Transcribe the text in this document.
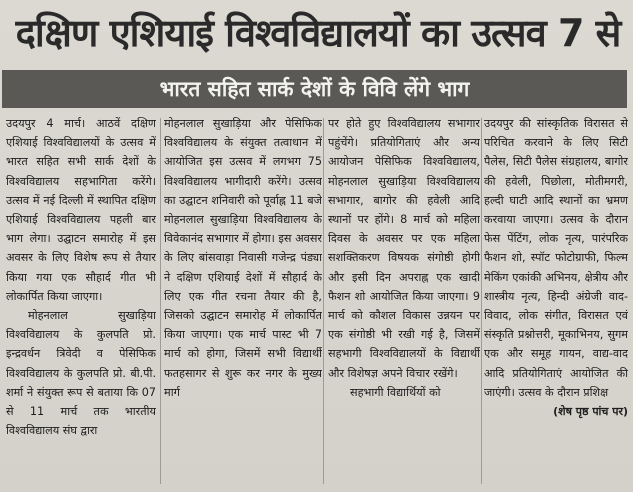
दक्षिण एशियाई विश्वविद्यालयों का उत्सव 7 से
भारत सहित सार्क देशों के विवि लेंगे भाग

उदयपुर 4 मार्च। आठवें दक्षिण एशियाई विश्वविद्यालयों के उत्सव में भारत सहित सभी सार्क देशों के विश्वविद्यालय सहभागिता करेंगे। उत्सव में नई दिल्ली में स्थापित दक्षिण एशियाई विश्वविद्यालय पहली बार भाग लेगा। उद्घाटन समारोह में इस अवसर के लिए विशेष रूप से तैयार किया गया एक सौहार्द गीत भी लोकार्पित किया जाएगा।

मोहनलाल सुखाड़िया विश्वविद्यालय के कुलपति प्रो. इन्द्रवर्धन त्रिवेदी व पेसिफिक विश्वविद्यालय के कुलपति प्रो. बी.पी. शर्मा ने संयुक्त रूप से बताया कि 07 से 11 मार्च तक भारतीय विश्वविद्यालय संघ द्वारा

मोहनलाल सुखाड़िया और पेसिफिक विश्वविद्यालय के संयुक्त तत्वाधान में आयोजित इस उत्सव में लगभग 75 विश्वविद्यालय भागीदारी करेंगे। उत्सव का उद्घाटन शनिवारी को पूर्वाह्न 11 बजे मोहनलाल सुखाड़िया विश्वविद्यालय के विवेकानंद सभागार में होगा। इस अवसर के लिए बांसवाड़ा निवासी गजेन्द्र पंड्या ने दक्षिण एशियाई देशों में सौहार्द के लिए एक गीत रचना तैयार की है, जिसको उद्घाटन समारोह में लोकार्पित किया जाएगा। एक मार्च पास्ट भी 7 मार्च को होगा, जिसमें सभी विद्यार्थी फतहसागर से शुरू कर नगर के मुख्य मार्ग

पर होते हुए विश्वविद्यालय सभागार पहुंचेंगे। प्रतियोगिताएं और अन्य आयोजन पेसिफिक विश्वविद्यालय, मोहनलाल सुखाड़िया विश्वविद्यालय सभागार, बागोर की हवेली आदि स्थानों पर होंगे। 8 मार्च को महिला दिवस के अवसर पर एक महिला सशक्तिकरण विषयक संगोष्ठी होगी और इसी दिन अपराह्न एक खादी फैशन शो आयोजित किया जाएगा। 9 मार्च को कौशल विकास उन्नयन पर एक संगोष्ठी भी रखी गई है, जिसमें सहभागी विश्वविद्यालयों के विद्यार्थी और विशेषज्ञ अपने विचार रखेंगे।

सहभागी विद्यार्थियों को

उदयपुर की सांस्कृतिक विरासत से परिचित करवाने के लिए सिटी पैलेस, सिटी पैलेस संग्रहालय, बागोर की हवेली, पिछोला, मोतीमगरी, हल्दी घाटी आदि स्थानों का भ्रमण करवाया जाएगा। उत्सव के दौरान फेस पेंटिंग, लोक नृत्य, पारंपरिक फैशन शो, स्पॉट फोटोग्राफी, फिल्म मेकिंग एकांकी अभिनय, क्षेत्रीय और शास्त्रीय नृत्य, हिन्दी अंग्रेजी वाद-विवाद, लोक संगीत, विरासत एवं संस्कृति प्रश्नोत्तरी, मूकाभिनय, सुगम एक और समूह गायन, वाद्य-वाद आदि प्रतियोगिताएं आयोजित की जाएंगी। उत्सव के दौरान प्रशिक्ष

(शेष पृष्ठ पांच पर)
